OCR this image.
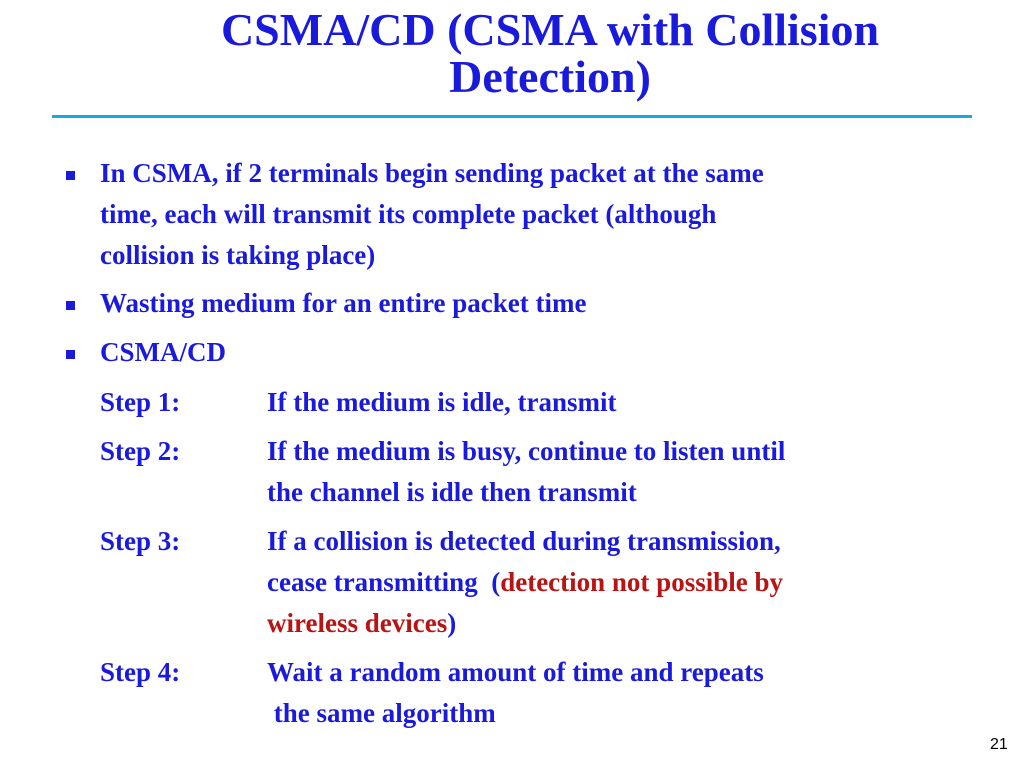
CSMA/CD (CSMA with Collision
Detection)
In CSMA, if 2 terminals begin sending packet at the same
time, each will transmit its complete packet (although
collision is taking place)
Wasting medium for an entire packet time
CSMA/CD
Step 1:	If the medium is idle, transmit
Step 2:	If the medium is busy, continue to listen until
the channel is idle then transmit
Step 3:	If a collision is detected during transmission,
cease transmitting  (detection not possible by
wireless devices)
Step 4:	Wait a random amount of time and repeats
the same algorithm
21
